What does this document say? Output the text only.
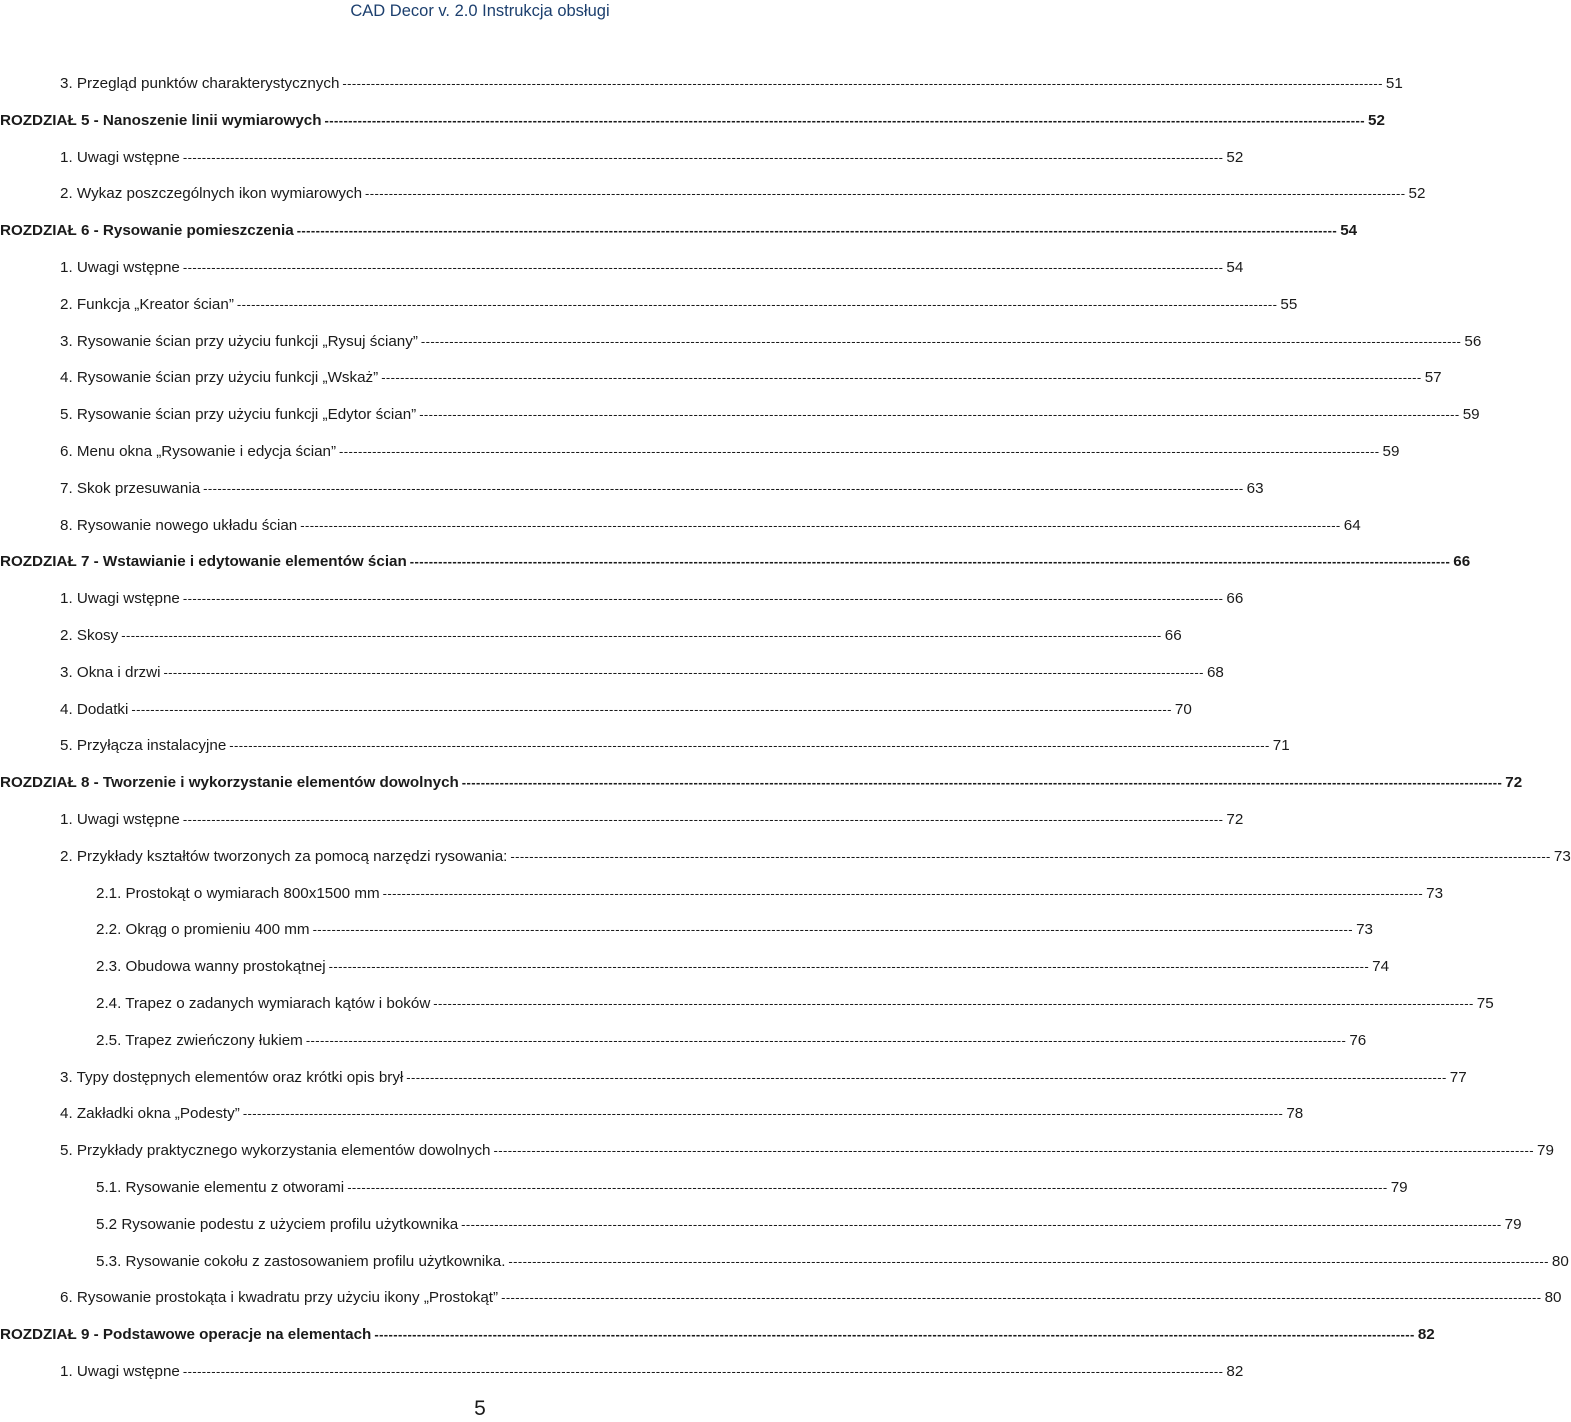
CAD Decor v. 2.0 Instrukcja obsługi
3. Przegląd punktów charakterystycznych ---------------------------------------------------------------------------------------------------------------------------------------------------------------------------------------------------------------------------- 51
ROZDZIAŁ 5 - Nanoszenie linii wymiarowych ---------------------------------------------------------------------------------------------------------------------------------------------------------------------------------------------------------------------------- 52
1. Uwagi wstępne ---------------------------------------------------------------------------------------------------------------------------------------------------------------------------------------------------------------------------- 52
2. Wykaz poszczególnych ikon wymiarowych ---------------------------------------------------------------------------------------------------------------------------------------------------------------------------------------------------------------------------- 52
ROZDZIAŁ 6 - Rysowanie pomieszczenia ---------------------------------------------------------------------------------------------------------------------------------------------------------------------------------------------------------------------------- 54
1. Uwagi wstępne ---------------------------------------------------------------------------------------------------------------------------------------------------------------------------------------------------------------------------- 54
2. Funkcja „Kreator ścian” ---------------------------------------------------------------------------------------------------------------------------------------------------------------------------------------------------------------------------- 55
3. Rysowanie ścian przy użyciu funkcji „Rysuj ściany” ---------------------------------------------------------------------------------------------------------------------------------------------------------------------------------------------------------------------------- 56
4. Rysowanie ścian przy użyciu funkcji „Wskaż” ---------------------------------------------------------------------------------------------------------------------------------------------------------------------------------------------------------------------------- 57
5. Rysowanie ścian przy użyciu funkcji „Edytor ścian” ---------------------------------------------------------------------------------------------------------------------------------------------------------------------------------------------------------------------------- 59
6. Menu okna „Rysowanie i edycja ścian” ---------------------------------------------------------------------------------------------------------------------------------------------------------------------------------------------------------------------------- 59
7. Skok przesuwania ---------------------------------------------------------------------------------------------------------------------------------------------------------------------------------------------------------------------------- 63
8. Rysowanie nowego układu ścian ---------------------------------------------------------------------------------------------------------------------------------------------------------------------------------------------------------------------------- 64
ROZDZIAŁ 7 - Wstawianie i edytowanie elementów ścian ---------------------------------------------------------------------------------------------------------------------------------------------------------------------------------------------------------------------------- 66
1. Uwagi wstępne ---------------------------------------------------------------------------------------------------------------------------------------------------------------------------------------------------------------------------- 66
2. Skosy ---------------------------------------------------------------------------------------------------------------------------------------------------------------------------------------------------------------------------- 66
3. Okna i drzwi ---------------------------------------------------------------------------------------------------------------------------------------------------------------------------------------------------------------------------- 68
4. Dodatki ---------------------------------------------------------------------------------------------------------------------------------------------------------------------------------------------------------------------------- 70
5. Przyłącza instalacyjne ---------------------------------------------------------------------------------------------------------------------------------------------------------------------------------------------------------------------------- 71
ROZDZIAŁ 8 - Tworzenie i wykorzystanie elementów dowolnych ---------------------------------------------------------------------------------------------------------------------------------------------------------------------------------------------------------------------------- 72
1. Uwagi wstępne ---------------------------------------------------------------------------------------------------------------------------------------------------------------------------------------------------------------------------- 72
2. Przykłady kształtów tworzonych za pomocą narzędzi rysowania: ---------------------------------------------------------------------------------------------------------------------------------------------------------------------------------------------------------------------------- 73
2.1. Prostokąt o wymiarach 800x1500 mm ---------------------------------------------------------------------------------------------------------------------------------------------------------------------------------------------------------------------------- 73
2.2. Okrąg o promieniu 400 mm ---------------------------------------------------------------------------------------------------------------------------------------------------------------------------------------------------------------------------- 73
2.3. Obudowa wanny prostokątnej ---------------------------------------------------------------------------------------------------------------------------------------------------------------------------------------------------------------------------- 74
2.4. Trapez o zadanych wymiarach kątów i boków ---------------------------------------------------------------------------------------------------------------------------------------------------------------------------------------------------------------------------- 75
2.5. Trapez zwieńczony łukiem ---------------------------------------------------------------------------------------------------------------------------------------------------------------------------------------------------------------------------- 76
3. Typy dostępnych elementów oraz krótki opis brył ---------------------------------------------------------------------------------------------------------------------------------------------------------------------------------------------------------------------------- 77
4. Zakładki okna „Podesty” ---------------------------------------------------------------------------------------------------------------------------------------------------------------------------------------------------------------------------- 78
5. Przykłady praktycznego wykorzystania elementów dowolnych ---------------------------------------------------------------------------------------------------------------------------------------------------------------------------------------------------------------------------- 79
5.1. Rysowanie elementu z otworami ---------------------------------------------------------------------------------------------------------------------------------------------------------------------------------------------------------------------------- 79
5.2 Rysowanie podestu z użyciem profilu użytkownika ---------------------------------------------------------------------------------------------------------------------------------------------------------------------------------------------------------------------------- 79
5.3. Rysowanie cokołu z zastosowaniem profilu użytkownika. ---------------------------------------------------------------------------------------------------------------------------------------------------------------------------------------------------------------------------- 80
6. Rysowanie prostokąta i kwadratu przy użyciu ikony „Prostokąt” ---------------------------------------------------------------------------------------------------------------------------------------------------------------------------------------------------------------------------- 80
ROZDZIAŁ 9 - Podstawowe operacje na elementach ---------------------------------------------------------------------------------------------------------------------------------------------------------------------------------------------------------------------------- 82
1. Uwagi wstępne ---------------------------------------------------------------------------------------------------------------------------------------------------------------------------------------------------------------------------- 82
5
